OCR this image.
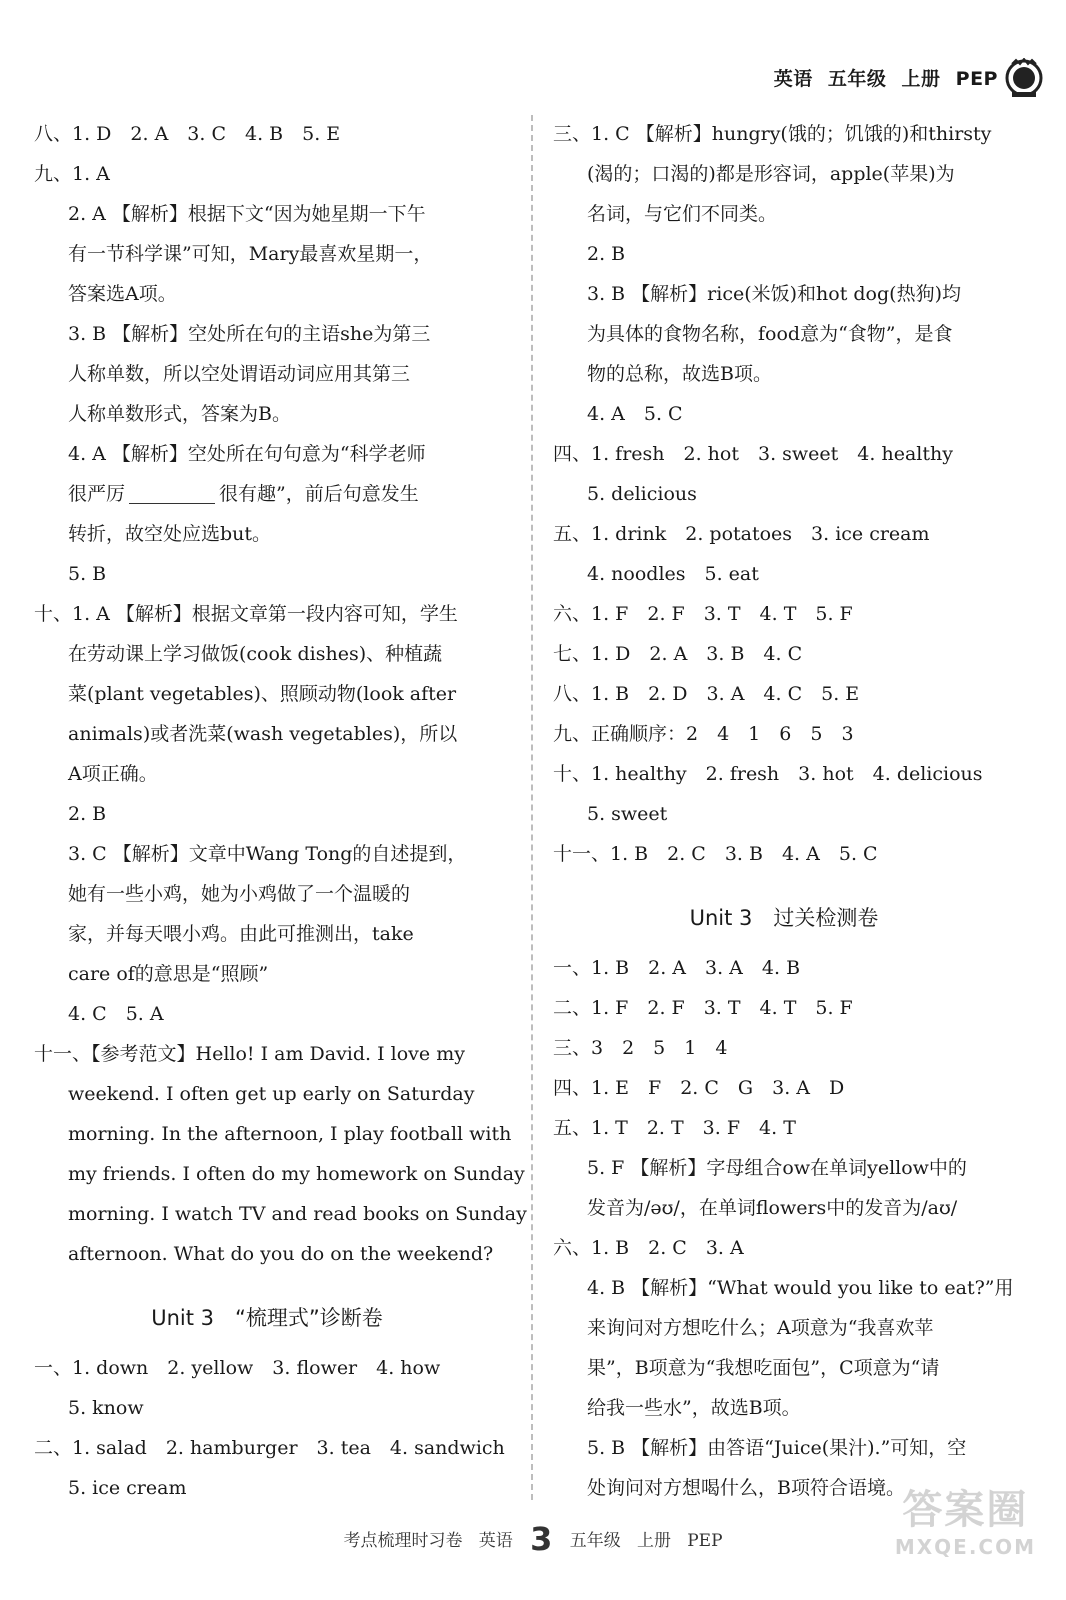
英语 五年级 上册 PEP
八、1. D　2. A　3. C　4. B　5. E
九、1. A
2. A 【解析】根据下文“因为她星期一下午
有一节科学课”可知，Mary最喜欢星期一，
答案选A项。
3. B 【解析】空处所在句的主语she为第三
人称单数，所以空处谓语动词应用其第三
人称单数形式，答案为B。
4. A 【解析】空处所在句句意为“科学老师
很严厉	很有趣”，前后句意发生
转折，故空处应选but。
5. B
十、1. A 【解析】根据文章第一段内容可知，学生
在劳动课上学习做饭(cook dishes)、种植蔬
菜(plant vegetables)、照顾动物(look after
animals)或者洗菜(wash vegetables)，所以
A项正确。
2. B
3. C 【解析】文章中Wang Tong的自述提到，
她有一些小鸡，她为小鸡做了一个温暖的
家，并每天喂小鸡。由此可推测出，take
care of的意思是“照顾”
4. C　5. A
十一、【参考范文】Hello! I am David. I love my
weekend. I often get up early on Saturday
morning. In the afternoon, I play football with
my friends. I often do my homework on Sunday
morning. I watch TV and read books on Sunday
afternoon. What do you do on the weekend?
Unit 3　“梳理式”诊断卷
一、1. down　2. yellow　3. flower　4. how
5. know
二、1. salad　2. hamburger　3. tea　4. sandwich
5. ice cream
三、1. C 【解析】hungry(饿的；饥饿的)和thirsty
(渴的；口渴的)都是形容词，apple(苹果)为
名词，与它们不同类。
2. B
3. B 【解析】rice(米饭)和hot dog(热狗)均
为具体的食物名称，food意为“食物”，是食
物的总称，故选B项。
4. A　5. C
四、1. fresh　2. hot　3. sweet　4. healthy
5. delicious
五、1. drink　2. potatoes　3. ice cream
4. noodles　5. eat
六、1. F　2. F　3. T　4. T　5. F
七、1. D　2. A　3. B　4. C
八、1. B　2. D　3. A　4. C　5. E
九、正确顺序：2　4　1　6　5　3
十、1. healthy　2. fresh　3. hot　4. delicious
5. sweet
十一、1. B　2. C　3. B　4. A　5. C
Unit 3　过关检测卷
一、1. B　2. A　3. A　4. B
二、1. F　2. F　3. T　4. T　5. F
三、3　2　5　1　4
四、1. E　F　2. C　G　3. A　D
五、1. T　2. T　3. F　4. T
5. F 【解析】字母组合ow在单词yellow中的
发音为/əʊ/，在单词flowers中的发音为/aʊ/
六、1. B　2. C　3. A
4. B 【解析】“What would you like to eat?”用
来询问对方想吃什么；A项意为“我喜欢苹
果”，B项意为“我想吃面包”，C项意为“请
给我一些水”，故选B项。
5. B 【解析】由答语“Juice(果汁).”可知，空
处询问对方想喝什么，B项符合语境。
考点梳理时习卷 英语 3 五年级 上册 PEP
答案圈
MXQE.COM
